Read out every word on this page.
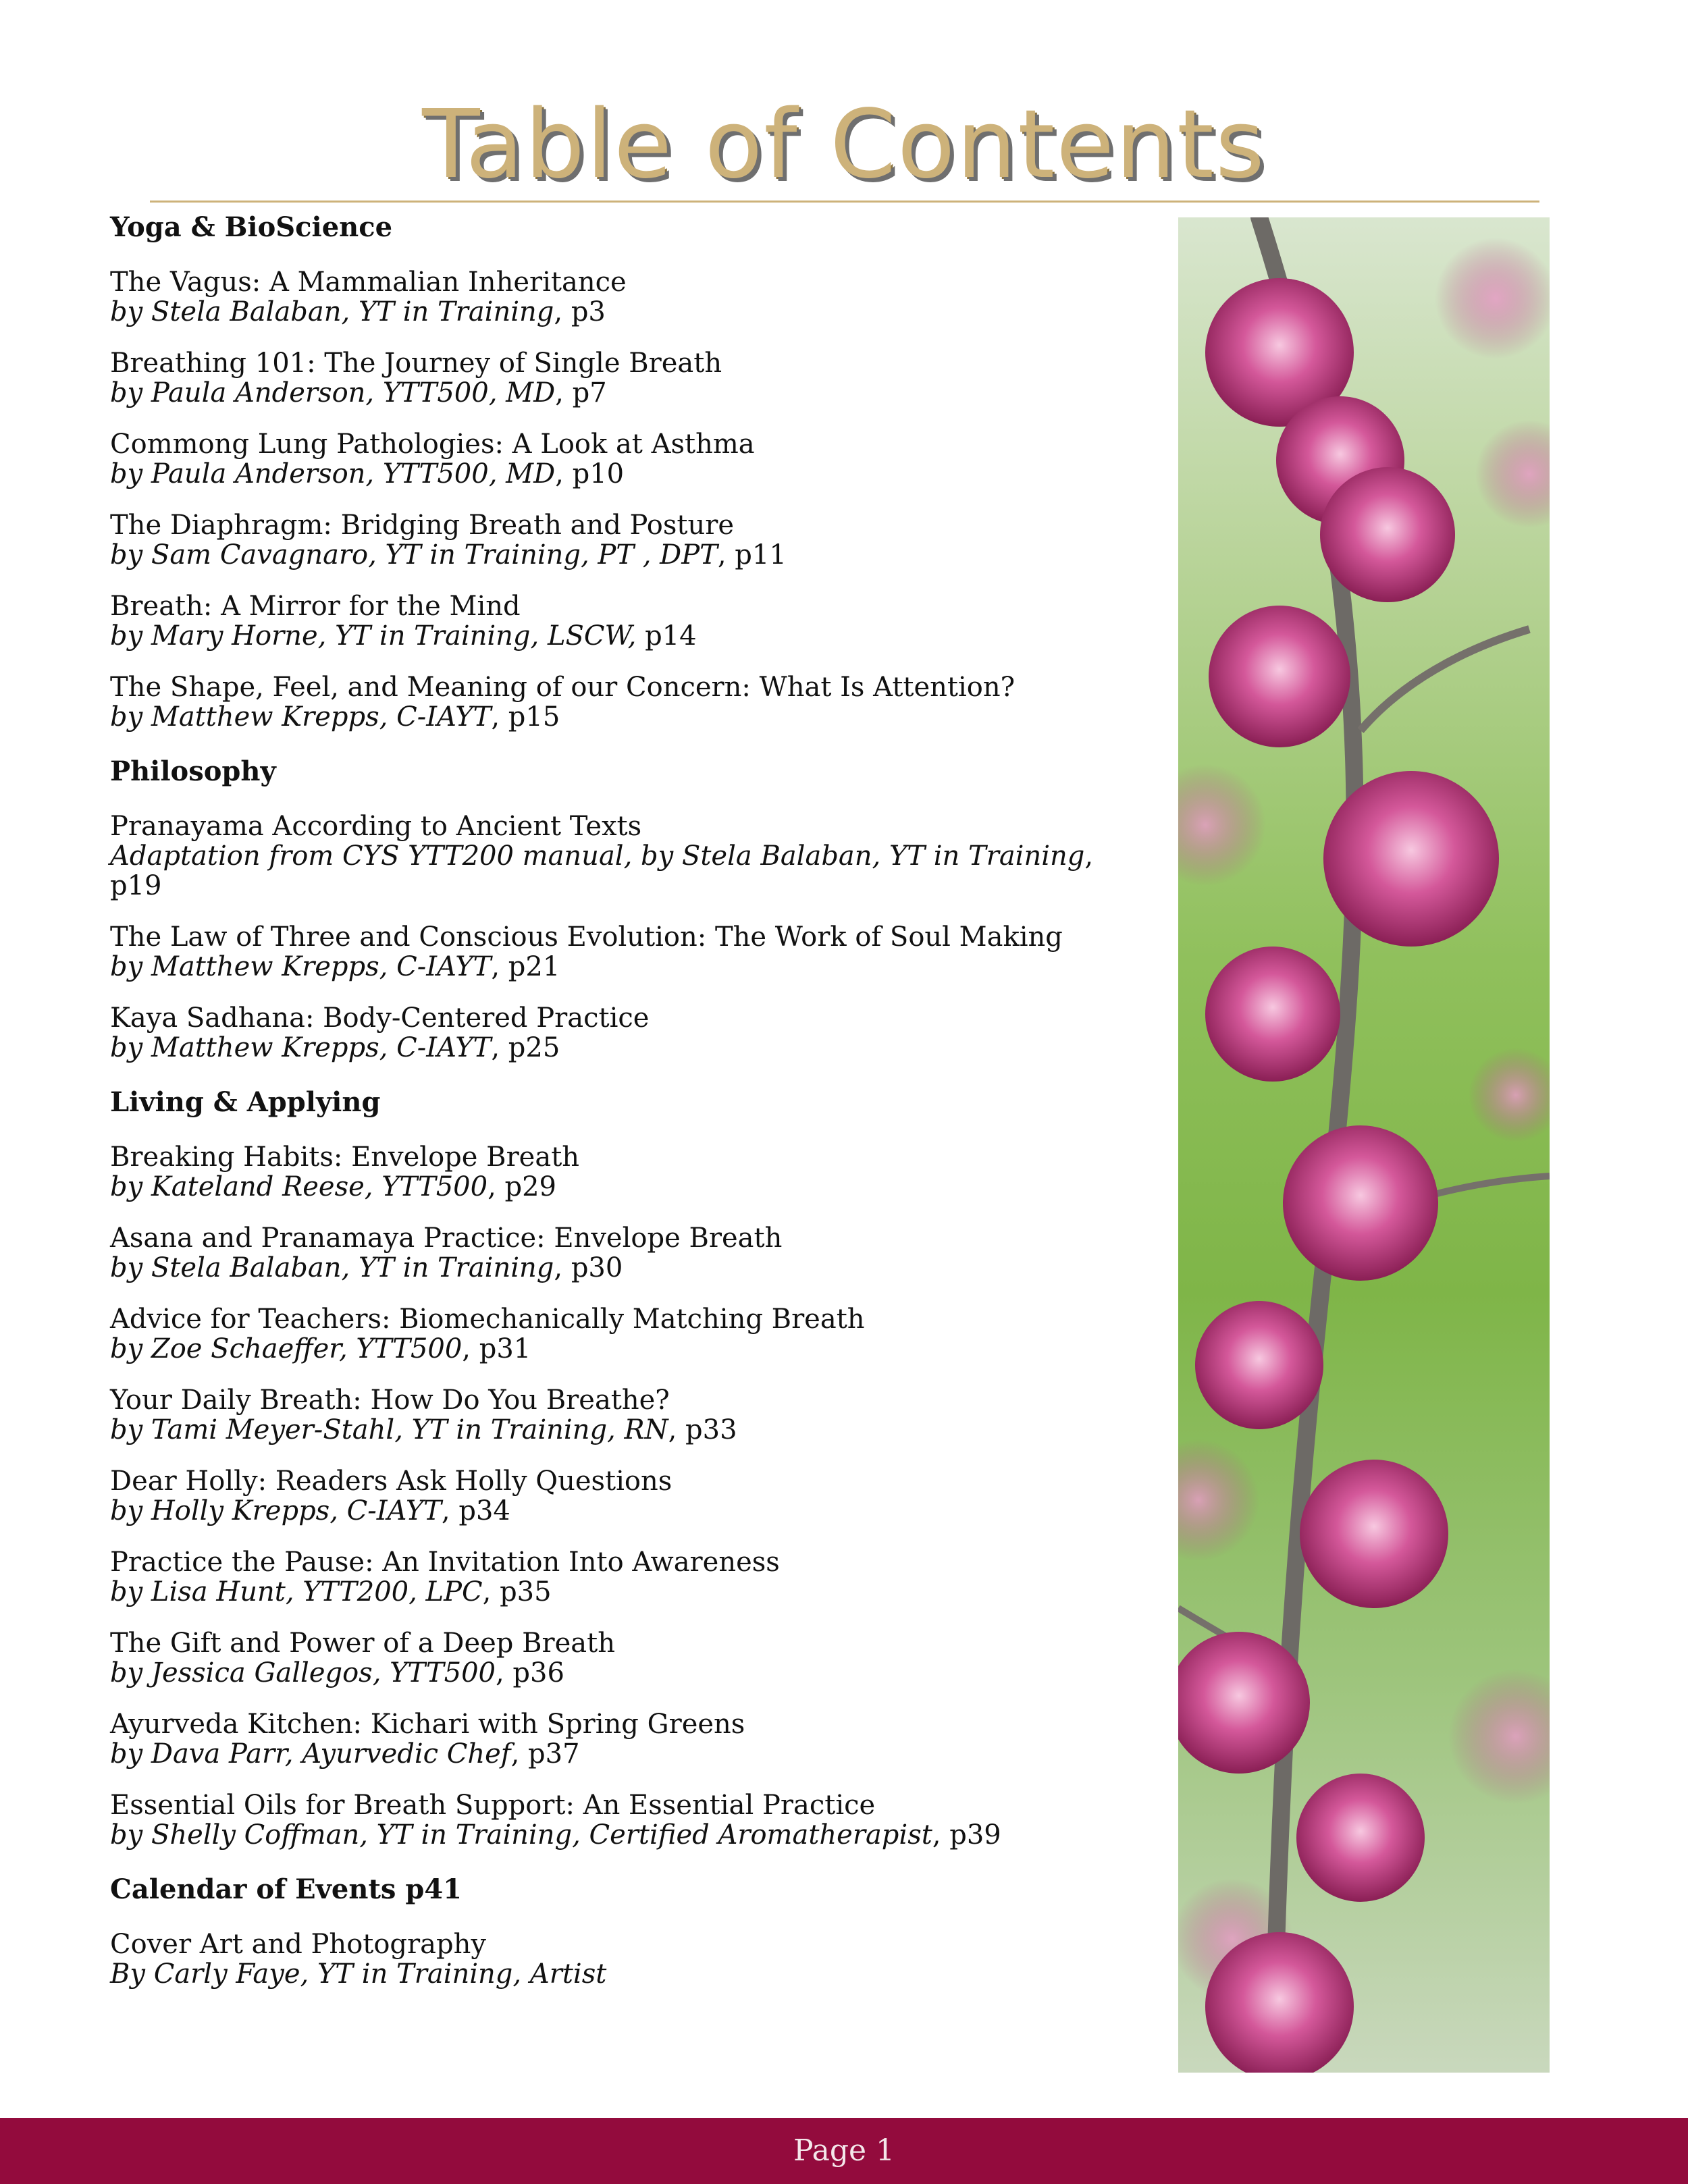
Table of Contents
Yoga & BioScience
The Vagus: A Mammalian Inheritance
by Stela Balaban, YT in Training, p3
Breathing 101: The Journey of Single Breath
by Paula Anderson, YTT500, MD, p7
Commong Lung Pathologies: A Look at Asthma
by Paula Anderson, YTT500, MD, p10
The Diaphragm: Bridging Breath and Posture
by Sam Cavagnaro, YT in Training, PT , DPT, p11
Breath: A Mirror for the Mind
by Mary Horne, YT in Training, LSCW, p14
The Shape, Feel, and Meaning of our Concern: What Is Attention?
by Matthew Krepps, C-IAYT, p15
Philosophy
Pranayama According to Ancient Texts
Adaptation from CYS YTT200 manual, by Stela Balaban, YT in Training, p19
The Law of Three and Conscious Evolution: The Work of Soul Making
by Matthew Krepps, C-IAYT, p21
Kaya Sadhana: Body-Centered Practice
by Matthew Krepps, C-IAYT, p25
Living & Applying
Breaking Habits: Envelope Breath
by Kateland Reese, YTT500, p29
Asana and Pranamaya Practice: Envelope Breath
by Stela Balaban, YT in Training, p30
Advice for Teachers: Biomechanically Matching Breath
by Zoe Schaeffer, YTT500, p31
Your Daily Breath: How Do You Breathe?
by Tami Meyer-Stahl, YT in Training, RN, p33
Dear Holly: Readers Ask Holly Questions
by Holly Krepps, C-IAYT, p34
Practice the Pause: An Invitation Into Awareness
by Lisa Hunt, YTT200, LPC, p35
The Gift and Power of a Deep Breath
by Jessica Gallegos, YTT500, p36
Ayurveda Kitchen: Kichari with Spring Greens
by Dava Parr, Ayurvedic Chef, p37
Essential Oils for Breath Support: An Essential Practice
by Shelly Coffman, YT in Training, Certified Aromatherapist, p39
Calendar of Events p41
Cover Art and Photography
By Carly Faye, YT in Training, Artist
Page 1
